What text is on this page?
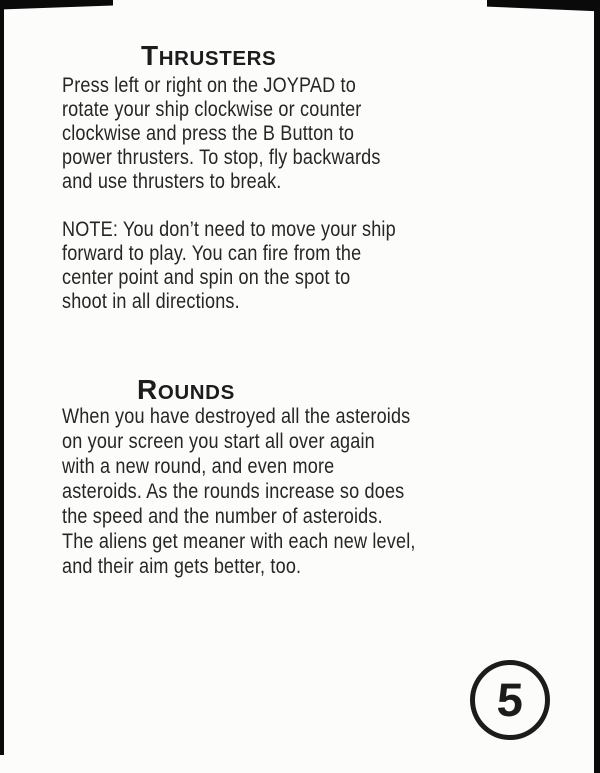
THRUSTERS
Press left or right on the JOYPAD to
rotate your ship clockwise or counter
clockwise and press the B Button to
power thrusters. To stop, fly backwards
and use thrusters to break.
NOTE: You don’t need to move your ship
forward to play. You can fire from the
center point and spin on the spot to
shoot in all directions.
ROUNDS
When you have destroyed all the asteroids
on your screen you start all over again
with a new round, and even more
asteroids. As the rounds increase so does
the speed and the number of asteroids.
The aliens get meaner with each new level,
and their aim gets better, too.
5
